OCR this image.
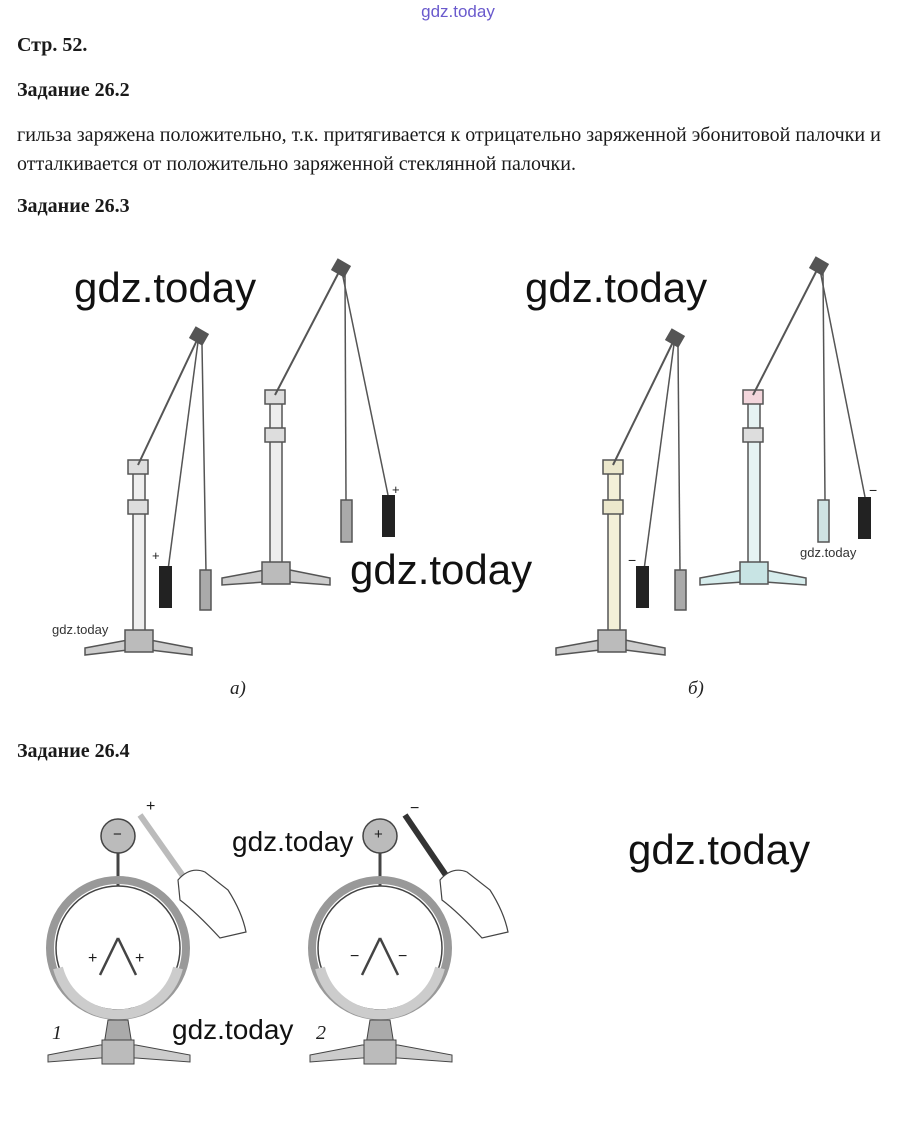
gdz.today
Стр. 52.
Задание 26.2
гильза заряжена положительно, т.к. притягивается к отрицательно заряженной эбонитовой палочки и отталкивается от положительно заряженной стеклянной палочки.
Задание 26.3
Задание 26.4
+
+
−
−
а)	б)
+
−
+ +
−
+
− −
1	2
gdz.today	gdz.today
gdz.today
gdz.today
gdz.today
gdz.today	gdz.today
gdz.today
